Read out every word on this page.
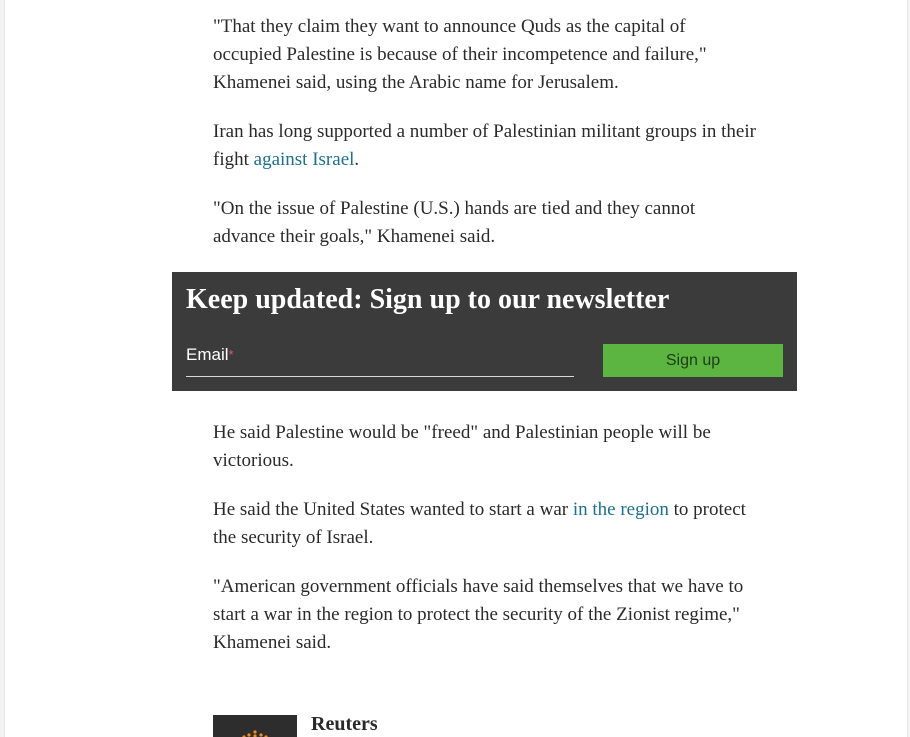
"That they claim they want to announce Quds as the capital of occupied Palestine is because of their incompetence and failure," Khamenei said, using the Arabic name for Jerusalem.

Iran has long supported a number of Palestinian militant groups in their fight against Israel.

"On the issue of Palestine (U.S.) hands are tied and they cannot advance their goals," Khamenei said.

Keep updated: Sign up to our newsletter
Email*	Sign up

He said Palestine would be "freed" and Palestinian people will be victorious.

He said the United States wanted to start a war in the region to protect the security of Israel.

"American government officials have said themselves that we have to start a war in the region to protect the security of the Zionist regime," Khamenei said.

Reuters
